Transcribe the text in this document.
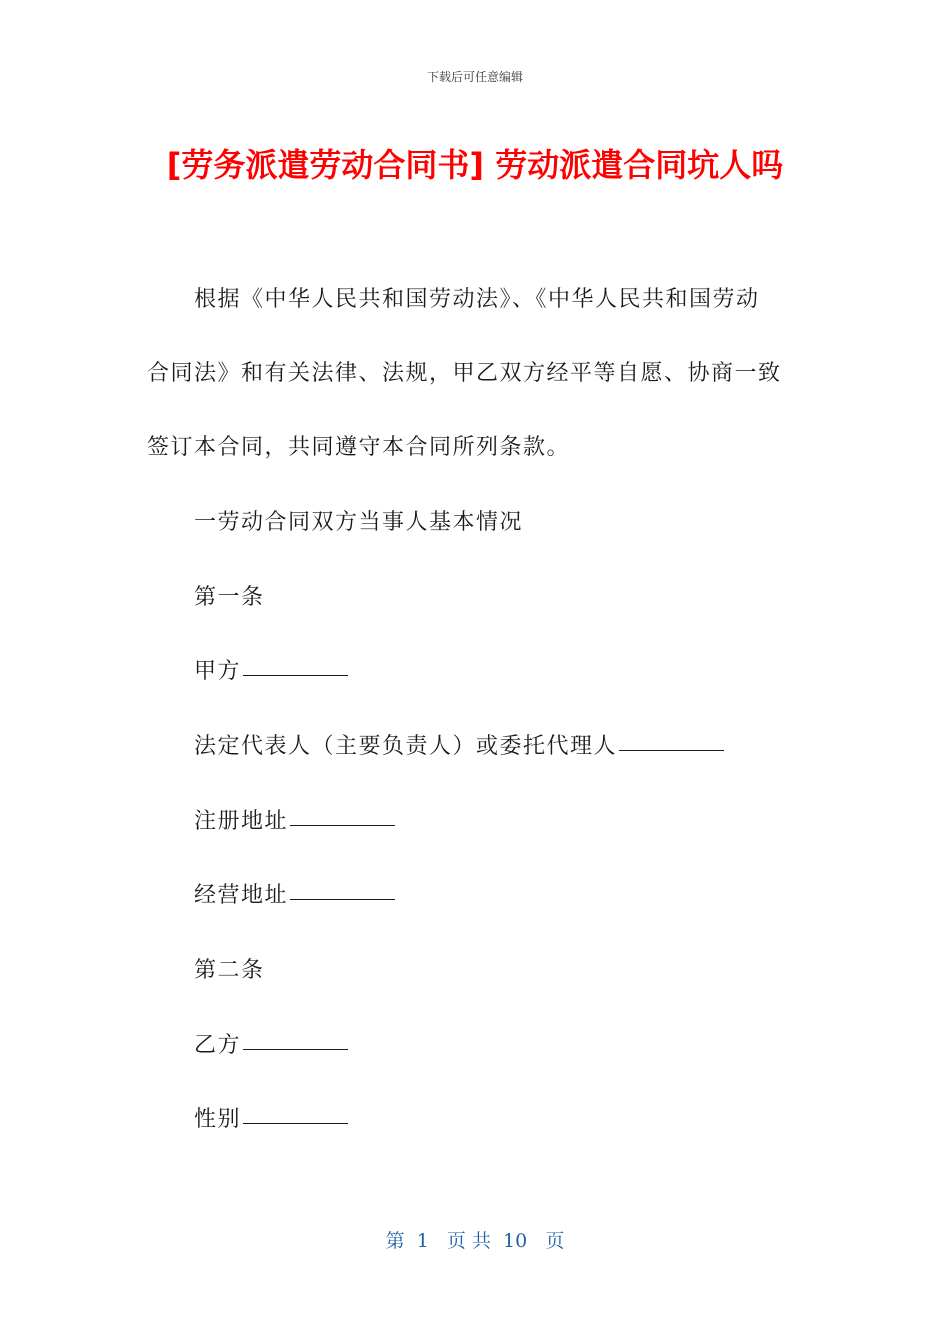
下载后可任意编辑
[劳务派遣劳动合同书] 劳动派遣合同坑人吗
根据《中华人民共和国劳动法》、《中华人民共和国劳动
合同法》和有关法律、法规，甲乙双方经平等自愿、协商一致
签订本合同，共同遵守本合同所列条款。
一劳动合同双方当事人基本情况
第一条
甲方
法定代表人（主要负责人）或委托代理人
注册地址
经营地址
第二条
乙方
性别
第  1   页 共  10   页
